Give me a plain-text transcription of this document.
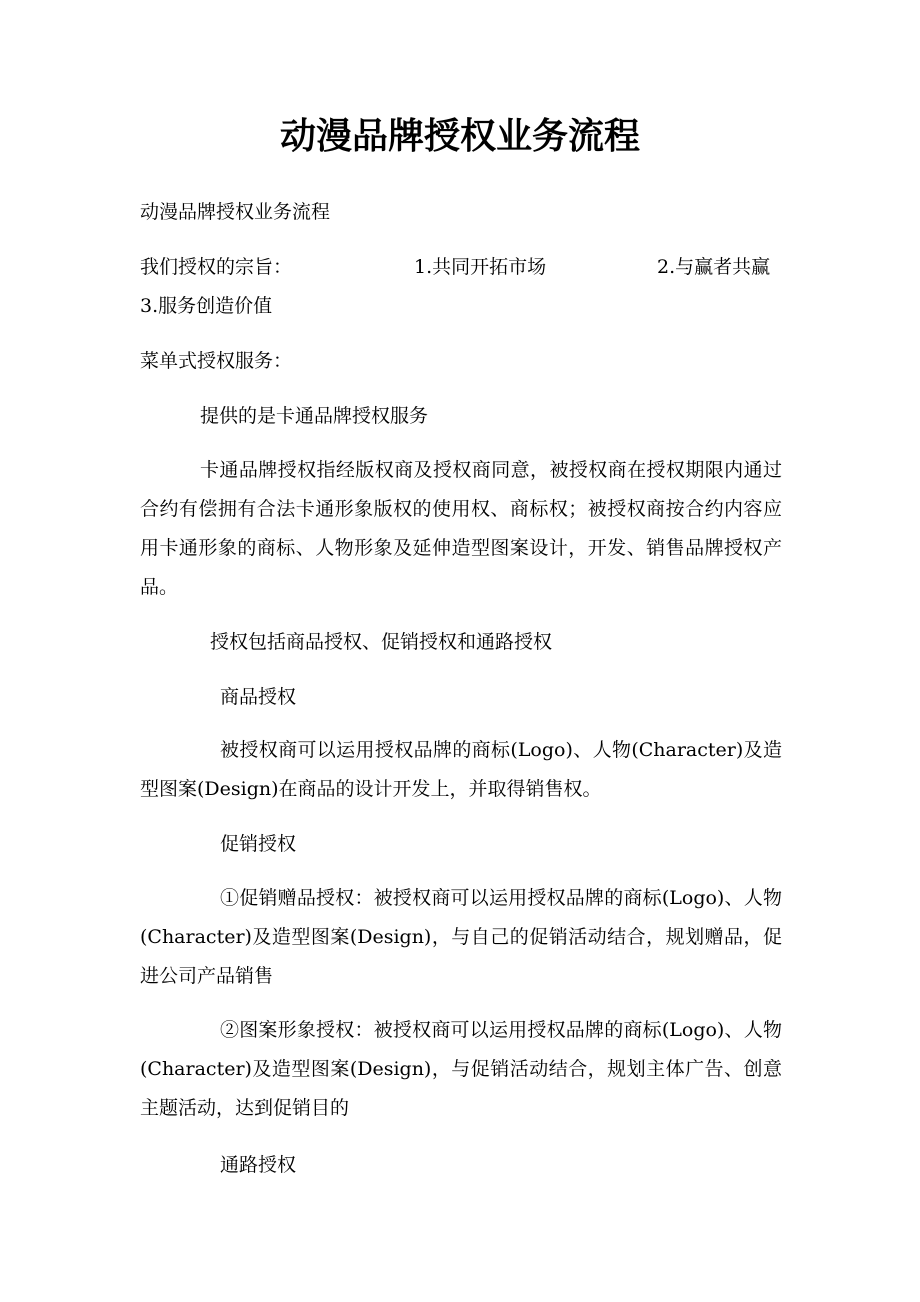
动漫品牌授权业务流程
动漫品牌授权业务流程
我们授权的宗旨：	1.共同开拓市场	2.与赢者共赢
3.服务创造价值
菜单式授权服务：
提供的是卡通品牌授权服务
卡通品牌授权指经版权商及授权商同意，被授权商在授权期限内通过合约有偿拥有合法卡通形象版权的使用权、商标权；被授权商按合约内容应用卡通形象的商标、人物形象及延伸造型图案设计，开发、销售品牌授权产品。
授权包括商品授权、促销授权和通路授权
商品授权
被授权商可以运用授权品牌的商标(Logo)、人物(Character)及造型图案(Design)在商品的设计开发上，并取得销售权。
促销授权
①促销赠品授权：被授权商可以运用授权品牌的商标(Logo)、人物(Character)及造型图案(Design)，与自己的促销活动结合，规划赠品，促进公司产品销售
②图案形象授权：被授权商可以运用授权品牌的商标(Logo)、人物(Character)及造型图案(Design)，与促销活动结合，规划主体广告、创意主题活动，达到促销目的
通路授权
